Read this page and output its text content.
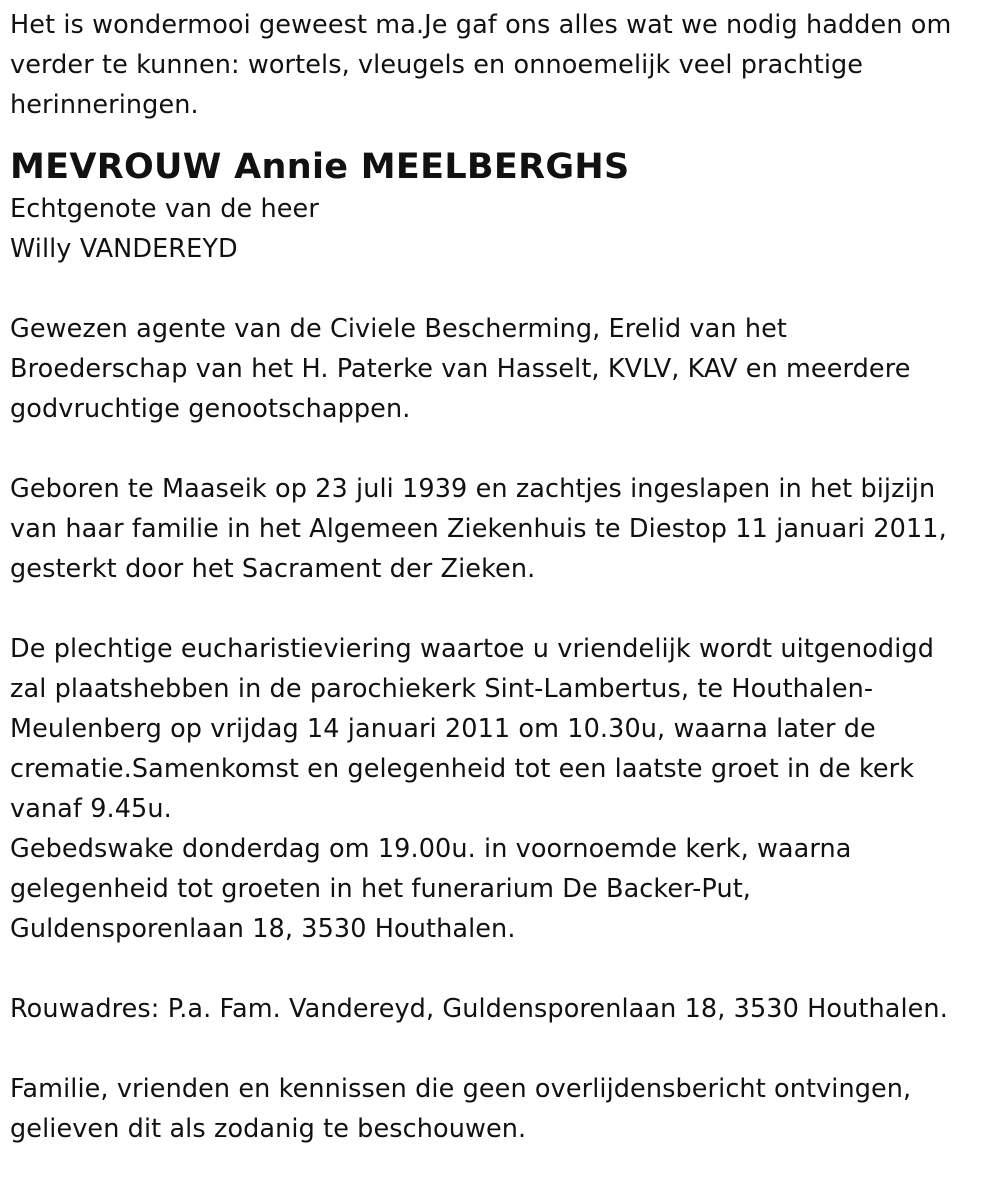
Het is wondermooi geweest ma.Je gaf ons alles wat we nodig hadden om
verder te kunnen: wortels, vleugels en onnoemelijk veel prachtige
herinneringen.

MEVROUW Annie MEELBERGHS

Echtgenote van de heer
Willy VANDEREYD

Gewezen agente van de Civiele Bescherming, Erelid van het
Broederschap van het H. Paterke van Hasselt, KVLV, KAV en meerdere
godvruchtige genootschappen.

Geboren te Maaseik op 23 juli 1939 en zachtjes ingeslapen in het bijzijn
van haar familie in het Algemeen Ziekenhuis te Diestop 11 januari 2011,
gesterkt door het Sacrament der Zieken.

De plechtige eucharistieviering waartoe u vriendelijk wordt uitgenodigd
zal plaatshebben in de parochiekerk Sint-Lambertus, te Houthalen-
Meulenberg op vrijdag 14 januari 2011 om 10.30u, waarna later de
crematie.Samenkomst en gelegenheid tot een laatste groet in de kerk
vanaf 9.45u.
Gebedswake donderdag om 19.00u. in voornoemde kerk, waarna
gelegenheid tot groeten in het funerarium De Backer-Put,
Guldensporenlaan 18, 3530 Houthalen.

Rouwadres: P.a. Fam. Vandereyd, Guldensporenlaan 18, 3530 Houthalen.

Familie, vrienden en kennissen die geen overlijdensbericht ontvingen,
gelieven dit als zodanig te beschouwen.
